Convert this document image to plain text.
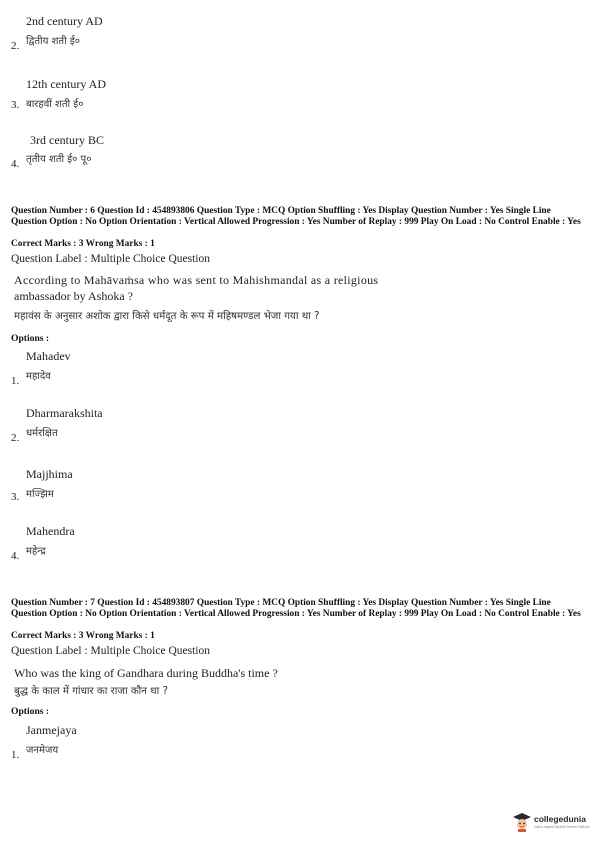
2nd century AD
द्वितीय शती ई०
2.
12th century AD
बारहवीं शती ई०
3.
3rd century BC
तृतीय शती ई० पू०
4.
Question Number : 6 Question Id : 454893806 Question Type : MCQ Option Shuffling : Yes Display Question Number : Yes Single Line Question Option : No Option Orientation : Vertical Allowed Progression : Yes Number of Replay : 999 Play On Load : No Control Enable : Yes
Correct Marks : 3 Wrong Marks : 1
Question Label : Multiple Choice Question
According to Mahāvaṁsa who was sent to Mahishmandal as a religious
ambassador by Ashoka ?
महावंस के अनुसार अशोक द्वारा किसे धर्मदूत के रूप में महिषमण्डल भेजा गया था ?
Options :
Mahadev
महादेव
1.
Dharmarakshita
धर्मरक्षित
2.
Majjhima
मज्झिम
3.
Mahendra
महेन्द्र
4.
Question Number : 7 Question Id : 454893807 Question Type : MCQ Option Shuffling : Yes Display Question Number : Yes Single Line Question Option : No Option Orientation : Vertical Allowed Progression : Yes Number of Replay : 999 Play On Load : No Control Enable : Yes
Correct Marks : 3 Wrong Marks : 1
Question Label : Multiple Choice Question
Who was the king of Gandhara during Buddha's time ?
बुद्ध के काल में गांधार का राजा कौन था ?
Options :
Janmejaya
जनमेजय
1.
collegedunia
India's largest Student Review Platform
